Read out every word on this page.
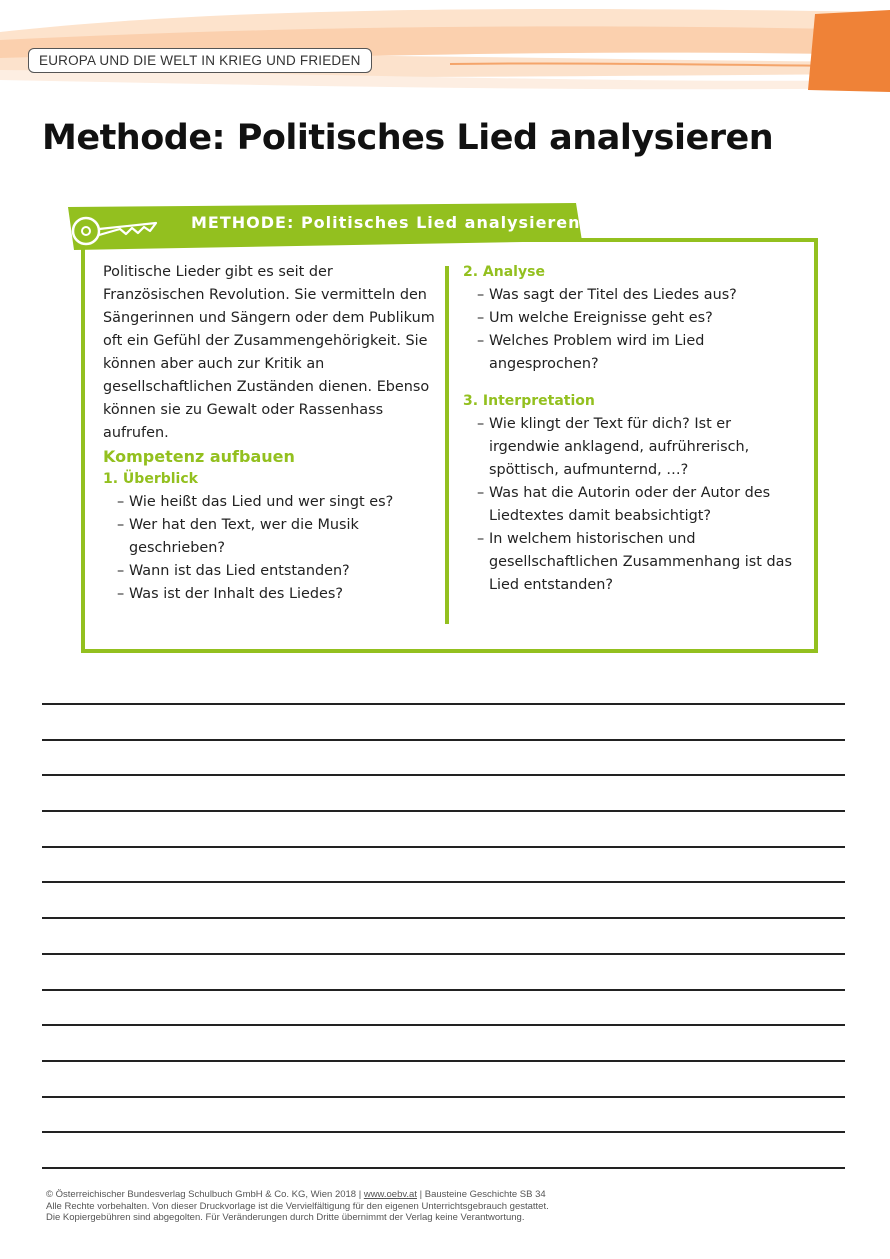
EUROPA UND DIE WELT IN KRIEG UND FRIEDEN
Methode: Politisches Lied analysieren
METHODE: Politisches Lied analysieren

Politische Lieder gibt es seit der Französischen Revolution. Sie vermitteln den Sängerinnen und Sängern oder dem Publikum oft ein Gefühl der Zusammengehörigkeit. Sie können aber auch zur Kritik an gesellschaftlichen Zuständen dienen. Ebenso können sie zu Gewalt oder Rassenhass aufrufen.

Kompetenz aufbauen

1. Überblick

– Wie heißt das Lied und wer singt es?
– Wer hat den Text, wer die Musik geschrieben?
– Wann ist das Lied entstanden?
– Was ist der Inhalt des Liedes?

2. Analyse

– Was sagt der Titel des Liedes aus?
– Um welche Ereignisse geht es?
– Welches Problem wird im Lied angesprochen?

3. Interpretation

– Wie klingt der Text für dich? Ist er irgendwie anklagend, aufrührerisch, spöttisch, aufmunternd, …?
– Was hat die Autorin oder der Autor des Liedtextes damit beabsichtigt?
– In welchem historischen und gesellschaftlichen Zusammenhang ist das Lied entstanden?

© Österreichischer Bundesverlag Schulbuch GmbH & Co. KG, Wien 2018 | www.oebv.at | Bausteine Geschichte SB 34

Alle Rechte vorbehalten. Von dieser Druckvorlage ist die Vervielfältigung für den eigenen Unterrichtsgebrauch gestattet.

Die Kopiergebühren sind abgegolten. Für Veränderungen durch Dritte übernimmt der Verlag keine Verantwortung.
